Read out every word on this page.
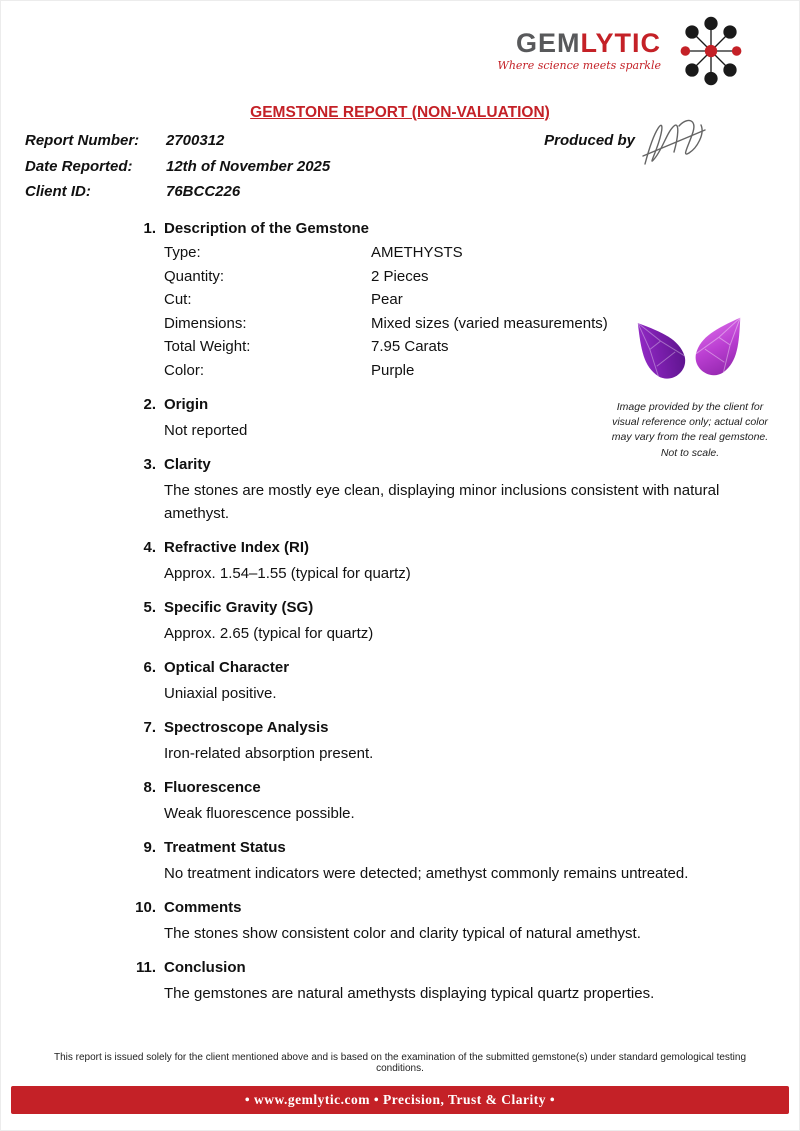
GEMLYTIC
Where science meets sparkle
GEMSTONE REPORT (NON-VALUATION)
Report Number:	2700312
Date Reported:	12th of November 2025
Client ID:	76BCC226
Produced by
1. Description of the Gemstone
Type:	AMETHYSTS
Quantity:	2 Pieces
Cut:	Pear
Dimensions:	Mixed sizes (varied measurements)
Total Weight:	7.95 Carats
Color:	Purple
2. Origin
Not reported
3. Clarity
The stones are mostly eye clean, displaying minor inclusions consistent with natural amethyst.
4. Refractive Index (RI)
Approx. 1.54–1.55 (typical for quartz)
5. Specific Gravity (SG)
Approx. 2.65 (typical for quartz)
6. Optical Character
Uniaxial positive.
7. Spectroscope Analysis
Iron-related absorption present.
8. Fluorescence
Weak fluorescence possible.
9. Treatment Status
No treatment indicators were detected; amethyst commonly remains untreated.
10. Comments
The stones show consistent color and clarity typical of natural amethyst.
11. Conclusion
The gemstones are natural amethysts displaying typical quartz properties.
Image provided by the client for visual reference only; actual color may vary from the real gemstone. Not to scale.
This report is issued solely for the client mentioned above and is based on the examination of the submitted gemstone(s) under standard gemological testing conditions.
• www.gemlytic.com • Precision, Trust & Clarity •
